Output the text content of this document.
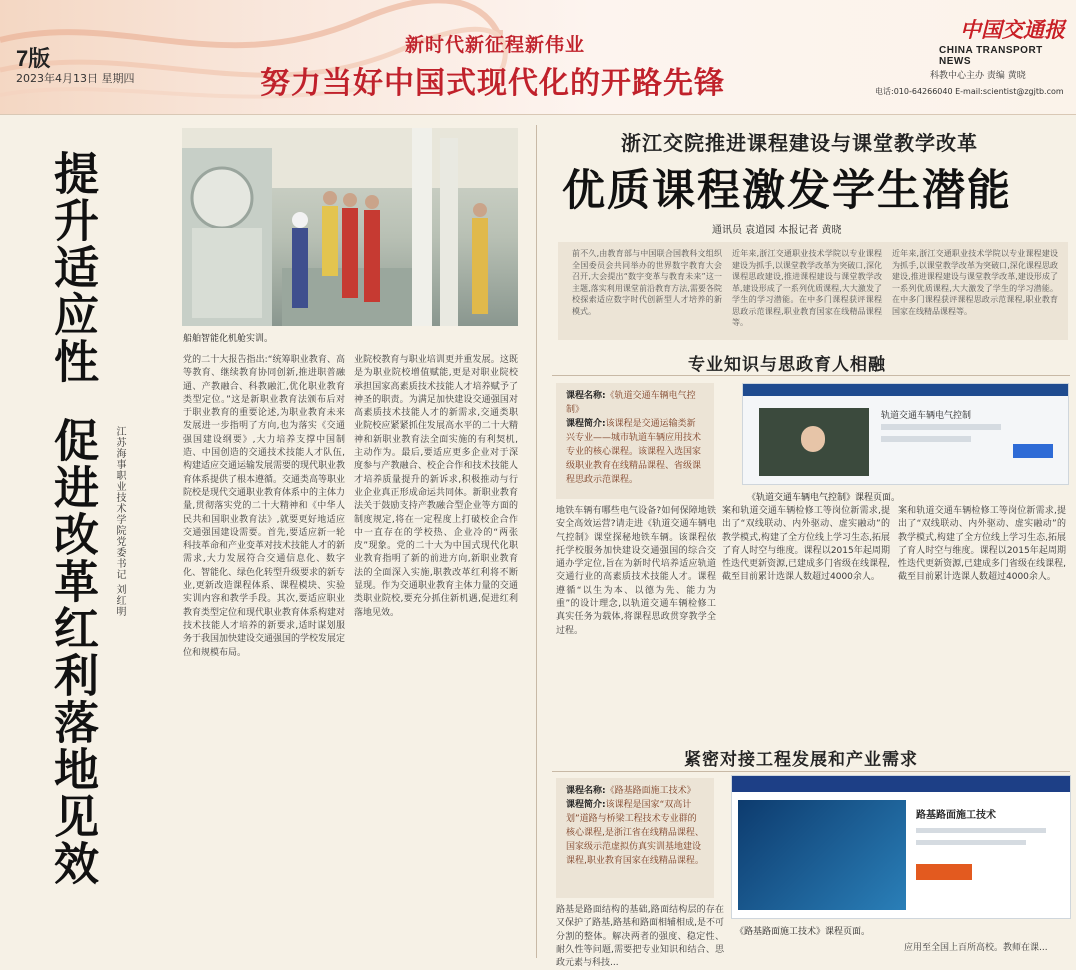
7版
2023年4月13日 星期四
新时代新征程新伟业
努力当好中国式现代化的开路先锋
中国交通报
CHINA TRANSPORT NEWS
科教中心主办 责编 黄晓
电话:010-64266040 E-mail:scientist@zgjtb.com
提升适应性
促进改革红利落地见效 江苏海事职业技术学院党委书记 刘红明
船舶智能化机舱实训。
党的二十大报告指出:“统筹职业教育、高等教育、继续教育协同创新,推进职普融通、产教融合、科教融汇,优化职业教育类型定位。”这是新职业教育法颁布后对于职业教育的重要论述,为职业教育未来发展进一步指明了方向,也为落实《交通强国建设纲要》,大力培养支撑中国制造、中国创造的交通技术技能人才队伍,构建适应交通运输发展需要的现代职业教育体系提供了根本遵循。交通类高等职业院校是现代交通职业教育体系中的主体力量,贯彻落实党的二十大精神和《中华人民共和国职业教育法》,就要更好地适应交通强国建设需要。首先,要适应新一轮科技革命和产业变革对技术技能人才的新需求,大力发展符合交通信息化、数字化、智能化、绿色化转型升级要求的新专业,更新改造课程体系、课程模块、实验实训内容和教学手段。其次,要适应职业教育类型定位和现代职业教育体系构建对技术技能人才培养的新要求,适时谋划服务于我国加快建设交通强国的学校发展定位和规模布局。
业院校教育与职业培训更并重发展。这既是为职业院校增值赋能,更是对职业院校承担国家高素质技术技能人才培养赋予了神圣的职责。为满足加快建设交通强国对高素质技术技能人才的新需求,交通类职业院校应紧紧抓住发展高水平的二十大精神和新职业教育法全面实施的有利契机,主动作为。最后,要适应更多企业对于深度参与产教融合、校企合作和技术技能人才培养质量提升的新诉求,积极推动与行业企业真正形成命运共同体。新职业教育法关于鼓励支持产教融合型企业等方面的制度规定,将在一定程度上打破校企合作中一直存在的学校热、企业冷的“两张皮”现象。党的二十大为中国式现代化职业教育指明了新的前进方向,新职业教育法的全面深入实施,职教改革红利将不断显现。作为交通职业教育主体力量的交通类职业院校,要充分抓住新机遇,促进红利落地见效。
浙江交院推进课程建设与课堂教学改革
优质课程激发学生潜能
通讯员 袁道园 本报记者 黄晓
前不久,由教育部与中国联合国教科文组织全国委员会共同举办的世界数字教育大会召开,大会提出“数字变革与教育未来”这一主题,落实利用课堂前沿教育方法,需要各院校探索适应数字时代创新型人才培养的新模式。
近年来,浙江交通职业技术学院以专业课程建设为抓手,以课堂教学改革为突破口,深化课程思政建设,推进课程建设与课堂教学改革,建设形成了一系列优质课程,大大激发了学生的学习潜能。在中多门课程获评课程思政示范课程,职业教育国家在线精品课程等。
近年来,浙江交通职业技术学院以专业课程建设为抓手,以课堂教学改革为突破口,深化课程思政建设,推进课程建设与课堂教学改革,建设形成了一系列优质课程,大大激发了学生的学习潜能。在中多门课程获评课程思政示范课程,职业教育国家在线精品课程等。
专业知识与思政育人相融
课程名称:《轨道交通车辆电气控制》
课程简介:该课程是交通运输类新兴专业——城市轨道车辆应用技术专业的核心课程。该课程入选国家级职业教育在线精品课程、省级课程思政示范课程。
轨道交通车辆电气控制
《轨道交通车辆电气控制》课程页面。
地铁车辆有哪些电气设备?如何保障地铁安全高效运营?请走进《轨道交通车辆电气控制》课堂探秘地铁车辆。该课程依托学校服务加快建设交通强国的综合交通办学定位,旨在为新时代培养适应轨道交通行业的高素质技术技能人才。课程遵循“以生为本、以德为先、能力为重”的设计理念,以轨道交通车辆检修工真实任务为载体,将课程思政贯穿教学全过程。
案和轨道交通车辆检修工等岗位新需求,提出了“双线联动、内外驱动、虚实融动”的教学模式,构建了全方位线上学习生态,拓展了育人时空与维度。课程以2015年起周期性迭代更新资源,已建成多门省级在线课程,截至目前累计选课人数超过4000余人。
案和轨道交通车辆检修工等岗位新需求,提出了“双线联动、内外驱动、虚实融动”的教学模式,构建了全方位线上学习生态,拓展了育人时空与维度。课程以2015年起周期性迭代更新资源,已建成多门省级在线课程,截至目前累计选课人数超过4000余人。
紧密对接工程发展和产业需求
课程名称:《路基路面施工技术》
课程简介:该课程是国家“双高计划”道路与桥梁工程技术专业群的核心课程,是浙江省在线精品课程、国家级示范虚拟仿真实训基地建设课程,职业教育国家在线精品课程。
路基路面施工技术
《路基路面施工技术》课程页面。
路基是路面结构的基础,路面结构层的存在又保护了路基,路基和路面相辅相成,是不可分割的整体。解决两者的强度、稳定性、耐久性等问题,需要把专业知识和结合、思政元素与科技...
应用至全国上百所高校。教师在课...
